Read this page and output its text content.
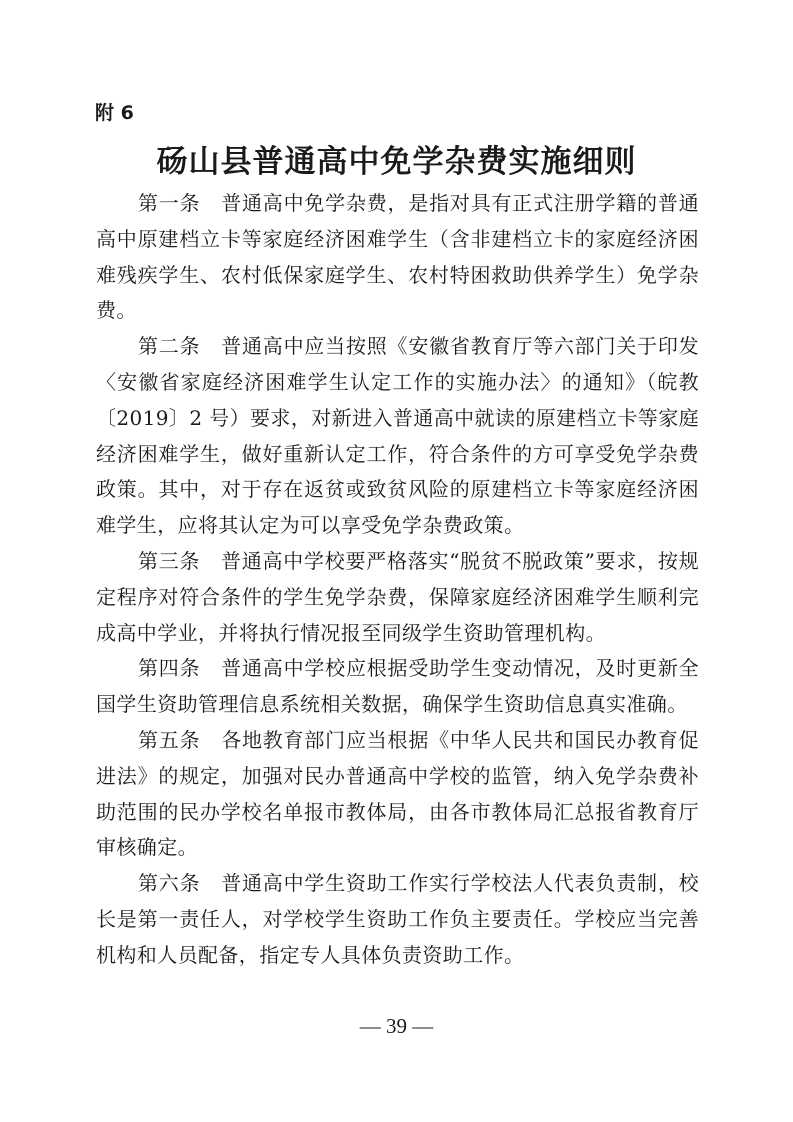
附 6
砀山县普通高中免学杂费实施细则

第一条  普通高中免学杂费，是指对具有正式注册学籍的普通高中原建档立卡等家庭经济困难学生（含非建档立卡的家庭经济困难残疾学生、农村低保家庭学生、农村特困救助供养学生）免学杂费。

第二条  普通高中应当按照《安徽省教育厅等六部门关于印发〈安徽省家庭经济困难学生认定工作的实施办法〉的通知》（皖教〔2019〕2 号）要求，对新进入普通高中就读的原建档立卡等家庭经济困难学生，做好重新认定工作，符合条件的方可享受免学杂费政策。其中，对于存在返贫或致贫风险的原建档立卡等家庭经济困难学生，应将其认定为可以享受免学杂费政策。

第三条  普通高中学校要严格落实“脱贫不脱政策”要求，按规定程序对符合条件的学生免学杂费，保障家庭经济困难学生顺利完成高中学业，并将执行情况报至同级学生资助管理机构。

第四条  普通高中学校应根据受助学生变动情况，及时更新全国学生资助管理信息系统相关数据，确保学生资助信息真实准确。

第五条  各地教育部门应当根据《中华人民共和国民办教育促进法》的规定，加强对民办普通高中学校的监管，纳入免学杂费补助范围的民办学校名单报市教体局，由各市教体局汇总报省教育厅审核确定。

第六条  普通高中学生资助工作实行学校法人代表负责制，校长是第一责任人，对学校学生资助工作负主要责任。学校应当完善机构和人员配备，指定专人具体负责资助工作。

— 39 —
